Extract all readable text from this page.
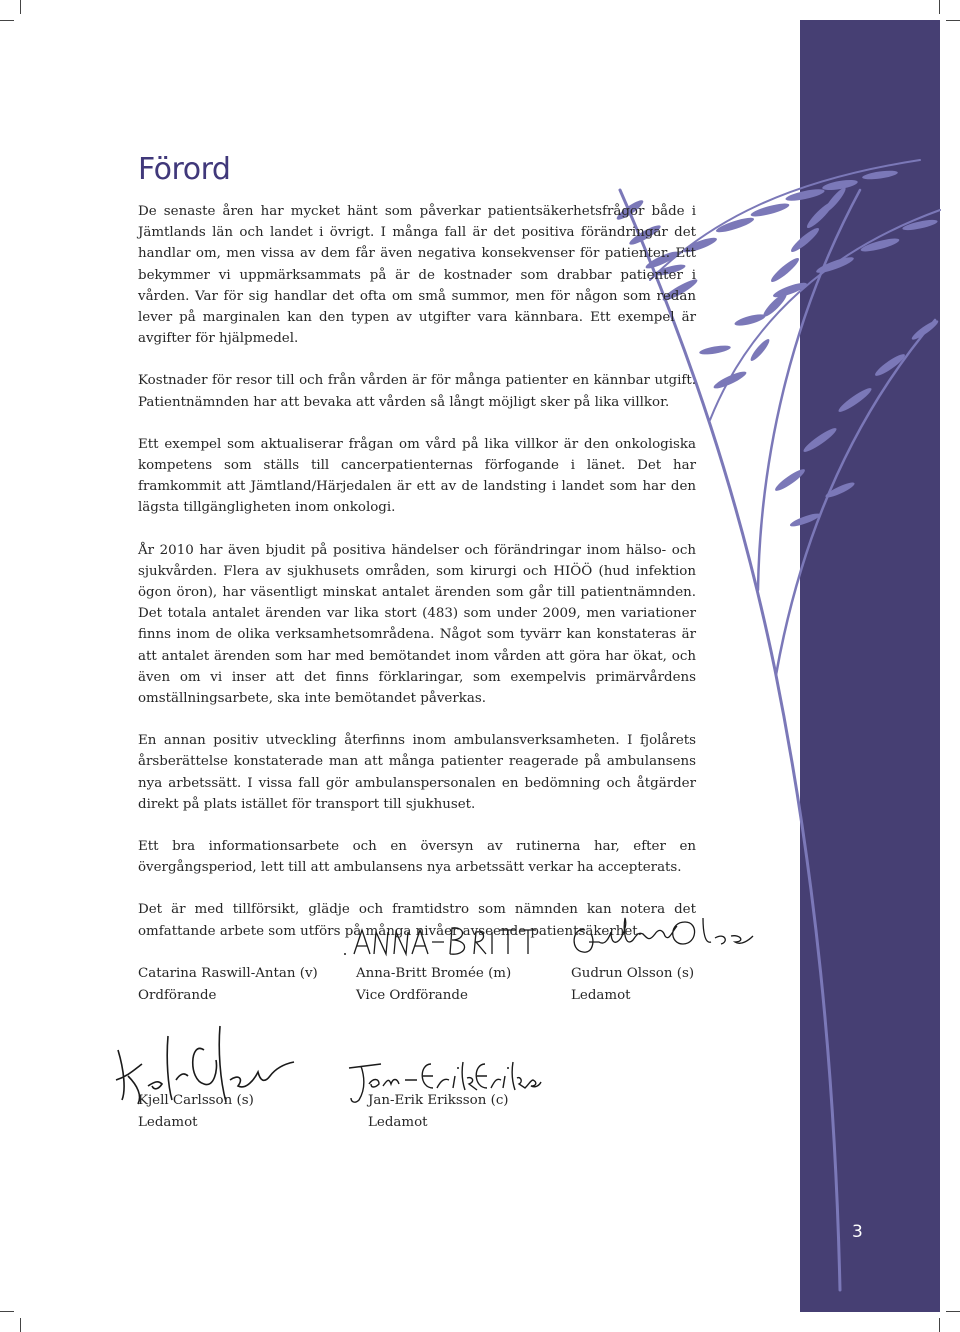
Förord

De senaste åren har mycket hänt som påverkar patientsäkerhetsfrågor både i Jämtlands län och landet i övrigt. I många fall är det positiva förändringar det handlar om, men vissa av dem får även negativa konsekvenser för patienter. Ett bekymmer vi uppmärksammats på är de kostnader som drabbar patienter i vården. Var för sig handlar det ofta om små summor, men för någon som redan lever på marginalen kan den typen av utgifter vara kännbara. Ett exempel är avgifter för hjälpmedel.

Kostnader för resor till och från vården är för många patienter en kännbar utgift. Patientnämnden har att bevaka att vården så långt möjligt sker på lika villkor.

Ett exempel som aktualiserar frågan om vård på lika villkor är den onkologiska kompetens som ställs till cancerpatienternas förfogande i länet. Det har framkommit att Jämtland/Härjedalen är ett av de landsting i landet som har den lägsta tillgängligheten inom onkologi.

År 2010 har även bjudit på positiva händelser och förändringar inom hälso- och sjukvården. Flera av sjukhusets områden, som kirurgi och HIÖÖ (hud infektion ögon öron), har väsentligt minskat antalet ärenden som går till patientnämnden. Det totala antalet ärenden var lika stort (483) som under 2009, men variationer finns inom de olika verksamhetsområdena. Något som tyvärr kan konstateras är att antalet ärenden som har med bemötandet inom vården att göra har ökat, och även om vi inser att det finns förklaringar, som exempelvis primärvårdens omställningsarbete, ska inte bemötandet påverkas.

En annan positiv utveckling återfinns inom ambulansverksamheten. I fjolårets årsberättelse konstaterade man att många patienter reagerade på ambulansens nya arbetssätt. I vissa fall gör ambulanspersonalen en bedömning och åtgärder direkt på plats istället för transport till sjukhuset.

Ett bra informationsarbete och en översyn av rutinerna har, efter en övergångsperiod, lett till att ambulansens nya arbetssätt verkar ha accepterats.

Det är med tillförsikt, glädje och framtidstro som nämnden kan notera det omfattande arbete som utförs på många nivåer avseende patientsäkerhet.

Catarina Raswill-Antan (v)
Ordförande
Anna-Britt Bromée (m)
Vice Ordförande
Gudrun Olsson (s)
Ledamot
Kjell Carlsson (s)
Ledamot
Jan-Erik Eriksson (c)
Ledamot
3
